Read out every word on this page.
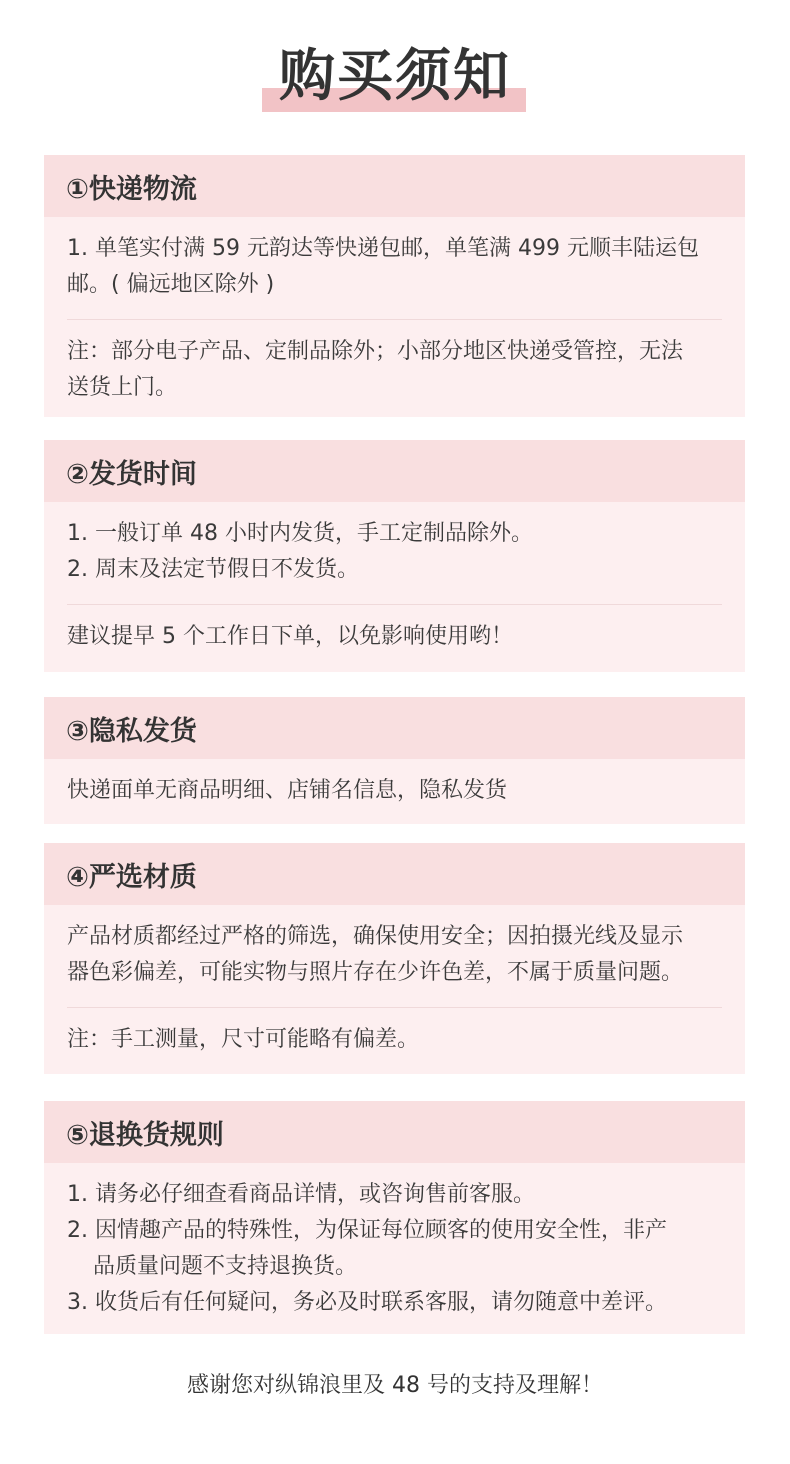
购买须知
①快递物流

1. 单笔实付满 59 元韵达等快递包邮，单笔满 499 元顺丰陆运包

邮。( 偏远地区除外 )

注：部分电子产品、定制品除外；小部分地区快递受管控，无法

送货上门。

②发货时间

1. 一般订单 48 小时内发货，手工定制品除外。

2. 周末及法定节假日不发货。

建议提早 5 个工作日下单，以免影响使用哟！

③隐私发货

快递面单无商品明细、店铺名信息，隐私发货

④严选材质

产品材质都经过严格的筛选，确保使用安全；因拍摄光线及显示

器色彩偏差，可能实物与照片存在少许色差，不属于质量问题。

注：手工测量，尺寸可能略有偏差。

⑤退换货规则

1. 请务必仔细查看商品详情，或咨询售前客服。

2. 因情趣产品的特殊性，为保证每位顾客的使用安全性，非产

品质量问题不支持退换货。

3. 收货后有任何疑问，务必及时联系客服，请勿随意中差评。

感谢您对纵锦浪里及 48 号的支持及理解！
